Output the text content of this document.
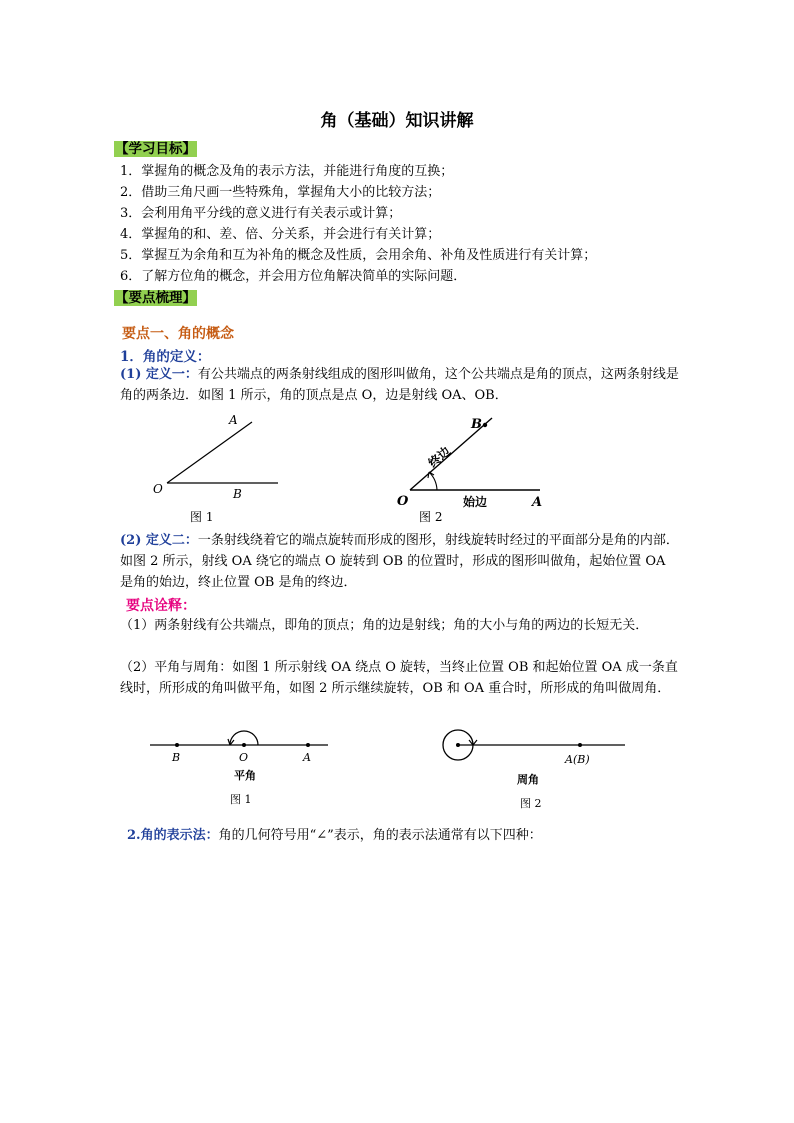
角（基础）知识讲解
【学习目标】
1．掌握角的概念及角的表示方法，并能进行角度的互换；
2．借助三角尺画一些特殊角，掌握角大小的比较方法；
3．会利用角平分线的意义进行有关表示或计算；
4．掌握角的和、差、倍、分关系，并会进行有关计算；
5．掌握互为余角和互为补角的概念及性质，会用余角、补角及性质进行有关计算；
6．了解方位角的概念，并会用方位角解决简单的实际问题．
【要点梳理】
要点一、角的概念
1．角的定义：
(1) 定义一：有公共端点的两条射线组成的图形叫做角，这个公共端点是角的顶点，这两条射线是角的两条边．如图 1 所示，角的顶点是点 O，边是射线 OA、OB．
A
O	B
图 1
B
O	A
始边
终边
图 2
(2) 定义二：一条射线绕着它的端点旋转而形成的图形，射线旋转时经过的平面部分是角的内部．如图 2 所示，射线 OA 绕它的端点 O 旋转到 OB 的位置时，形成的图形叫做角，起始位置 OA 是角的始边，终止位置 OB 是角的终边．
要点诠释：
（1）两条射线有公共端点，即角的顶点；角的边是射线；角的大小与角的两边的长短无关．
（2）平角与周角：如图 1 所示射线 OA 绕点 O 旋转，当终止位置 OB 和起始位置 OA 成一条直线时，所形成的角叫做平角，如图 2 所示继续旋转，OB 和 OA 重合时，所形成的角叫做周角．
B	O	A
平角
图 1
A(B)
周角
图 2
2.角的表示法：角的几何符号用“∠”表示，角的表示法通常有以下四种：
